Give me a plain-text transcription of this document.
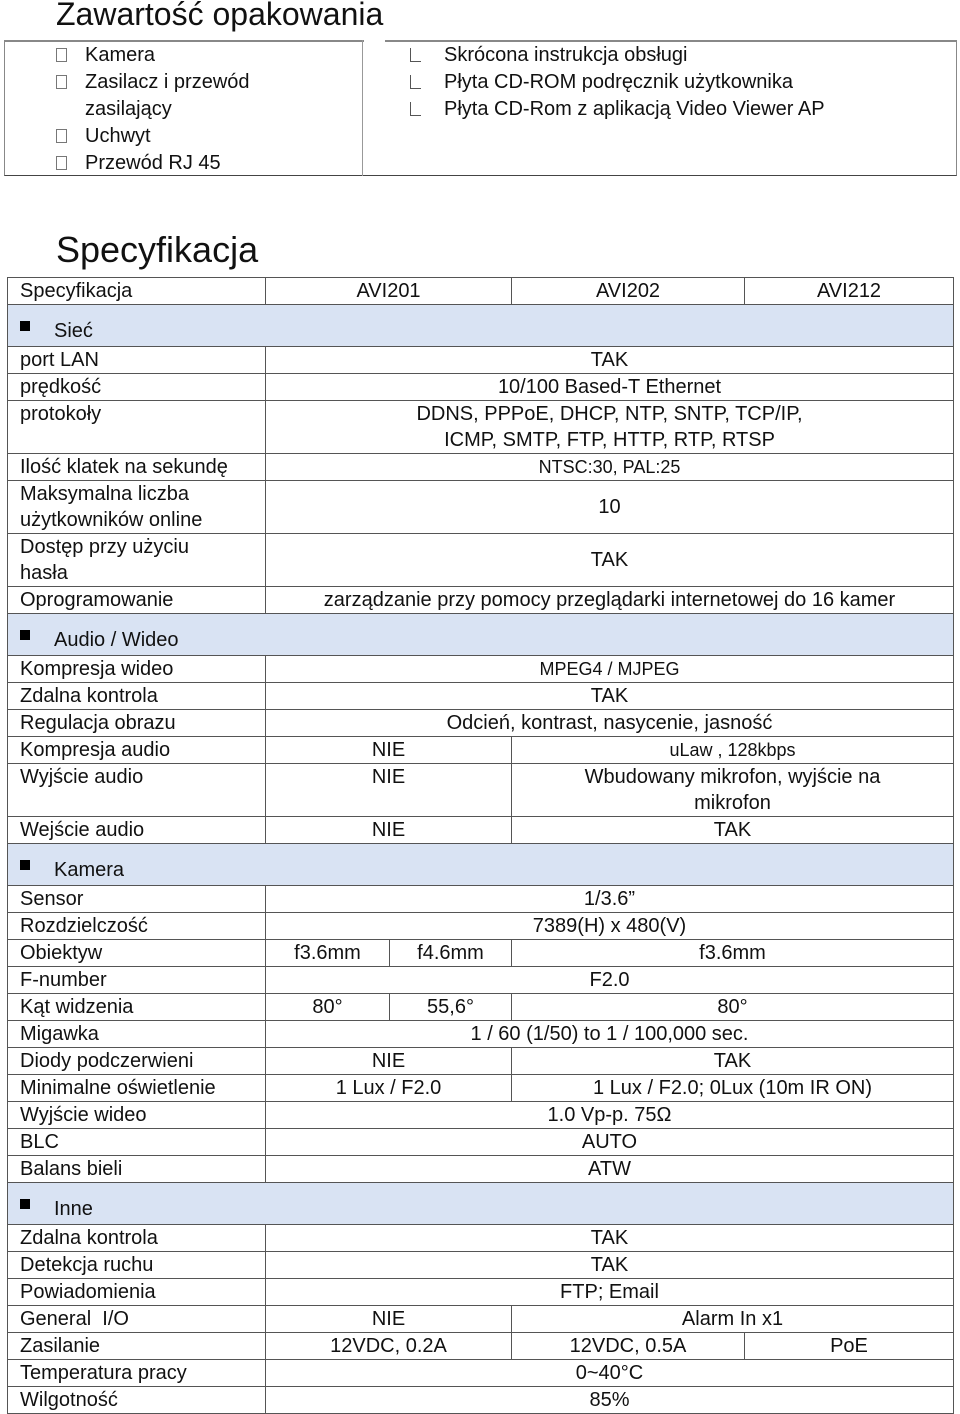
Zawartość opakowania
Kamera
Zasilacz i przewód
zasilający
Uchwyt
Przewód RJ 45
Skrócona instrukcja obsługi
Płyta CD-ROM podręcznik użytkownika
Płyta CD-Rom z aplikacją Video Viewer AP
Specyfikacja
Specyfikacja	AVI201		AVI202	AVI212
Sieć				
port LAN	TAK			
prędkość	10/100 Based-T Ethernet			
protokoły	DDNS, PPPoE, DHCP, NTP, SNTP, TCP/IP,
ICMP, SMTP, FTP, HTTP, RTP, RTSP			

Ilość klatek na sekundę	NTSC:30, PAL:25			

Maksymalna liczba
użytkowników online	10			

Dostęp przy użyciu
hasła	TAK			
Oprogramowanie	zarządzanie przy pomocy przeglądarki internetowej do 16 kamer			
Audio / Wideo				
Kompresja wideo	MPEG4 / MJPEG			
Zdalna kontrola	TAK			
Regulacja obrazu	Odcień, kontrast, nasycenie, jasność			
Kompresja audio	NIE		uLaw , 128kbps	
Wyjście audio	NIE		Wbudowany mikrofon, wyjście na
mikrofon	

Wejście audio	NIE		TAK	
Kamera				
Sensor	1/3.6”			
Rozdzielczość	7389(H) x 480(V)			
Obiektyw	f3.6mm	f4.6mm	f3.6mm	
F-number	F2.0			
Kąt widzenia	80°	55,6°	80°	
Migawka	1 / 60 (1/50) to 1 / 100,000 sec.			
Diody podczerwieni	NIE		TAK	
Minimalne oświetlenie	1 Lux / F2.0		1 Lux / F2.0; 0Lux (10m IR ON)	
Wyjście wideo	1.0 Vp-p. 75Ω			
BLC	AUTO			
Balans bieli	ATW			
Inne				
Zdalna kontrola	TAK			
Detekcja ruchu	TAK			
Powiadomienia	FTP; Email			
General  I/O	NIE		Alarm In x1	
Zasilanie	12VDC, 0.2A		12VDC, 0.5A	PoE
Temperatura pracy	0~40°C			
Wilgotność	85%			
